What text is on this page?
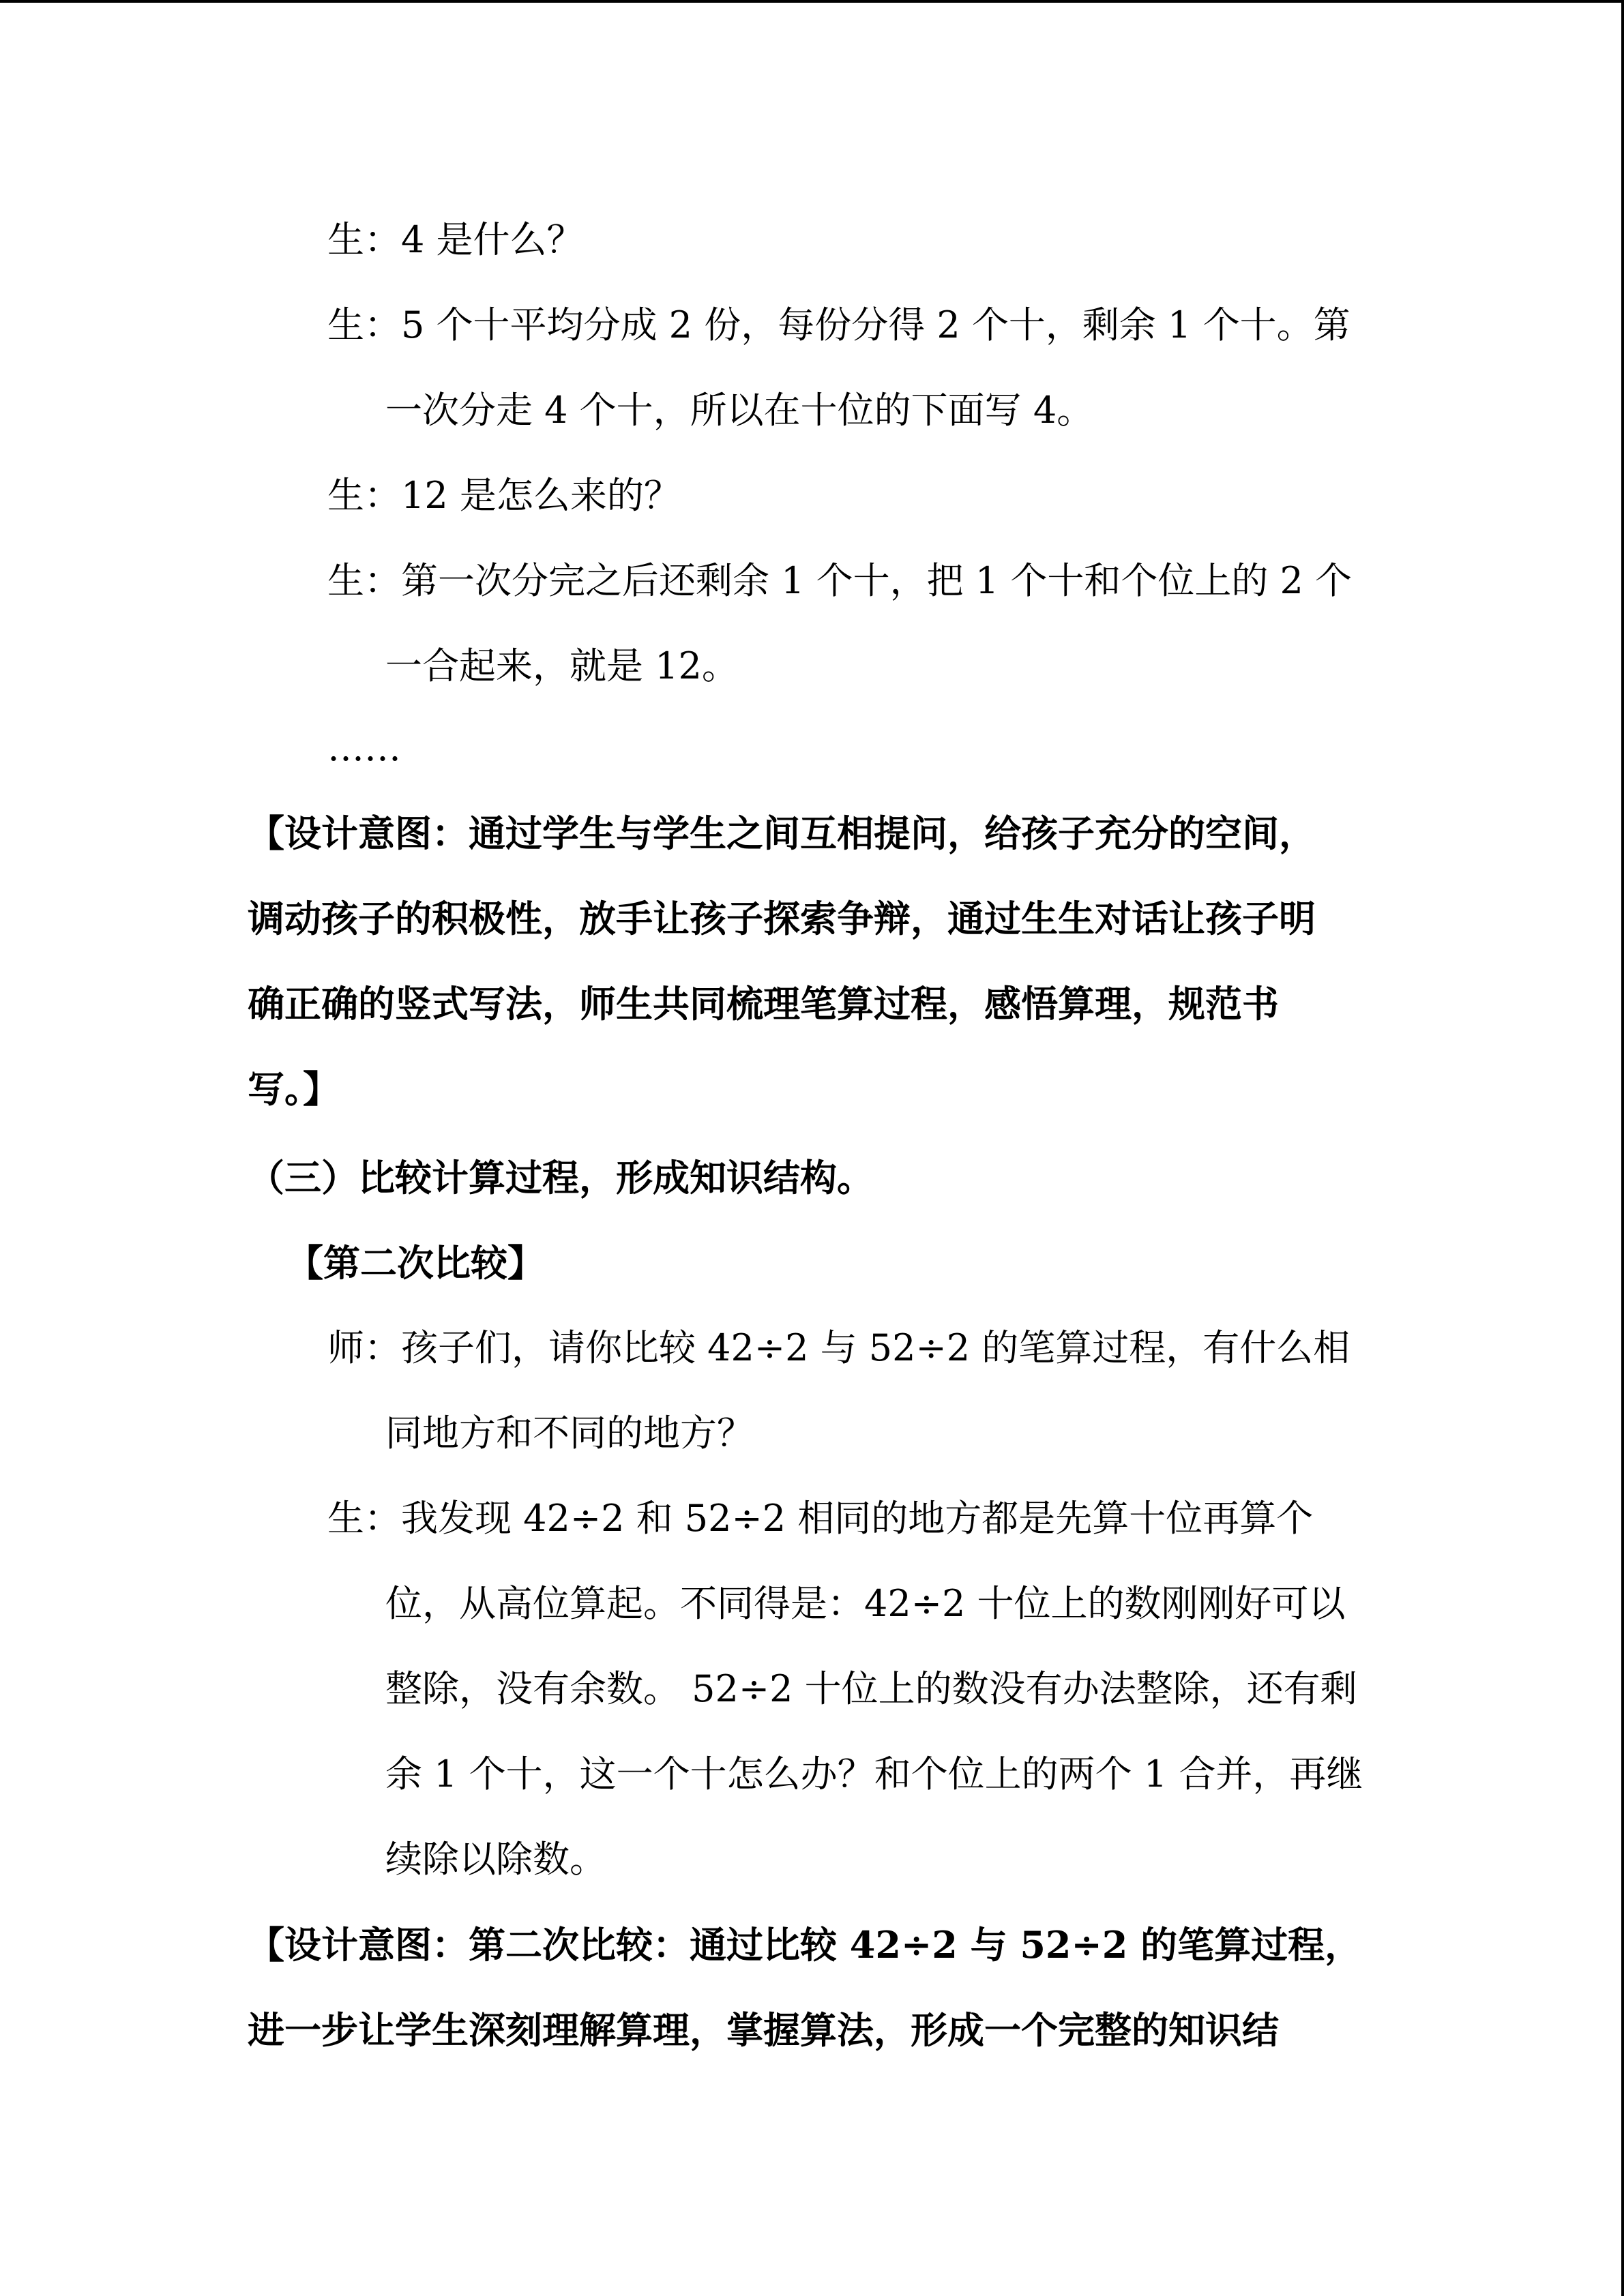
生：4 是什么？
生：5 个十平均分成 2 份，每份分得 2 个十，剩余 1 个十。第
一次分走 4 个十，所以在十位的下面写 4。
生：12 是怎么来的？
生：第一次分完之后还剩余 1 个十，把 1 个十和个位上的 2 个
一合起来，就是 12。
……
【设计意图：通过学生与学生之间互相提问，给孩子充分的空间，
调动孩子的积极性，放手让孩子探索争辩，通过生生对话让孩子明
确正确的竖式写法，师生共同梳理笔算过程，感悟算理，规范书
写。】
（三）比较计算过程，形成知识结构。
【第二次比较】
师：孩子们，请你比较 42÷2 与 52÷2 的笔算过程，有什么相
同地方和不同的地方？
生：我发现 42÷2 和 52÷2 相同的地方都是先算十位再算个
位，从高位算起。不同得是：42÷2 十位上的数刚刚好可以
整除，没有余数。 52÷2 十位上的数没有办法整除，还有剩
余 1 个十，这一个十怎么办？和个位上的两个 1 合并，再继
续除以除数。
【设计意图：第二次比较：通过比较 42÷2 与 52÷2 的笔算过程，
进一步让学生深刻理解算理，掌握算法，形成一个完整的知识结
